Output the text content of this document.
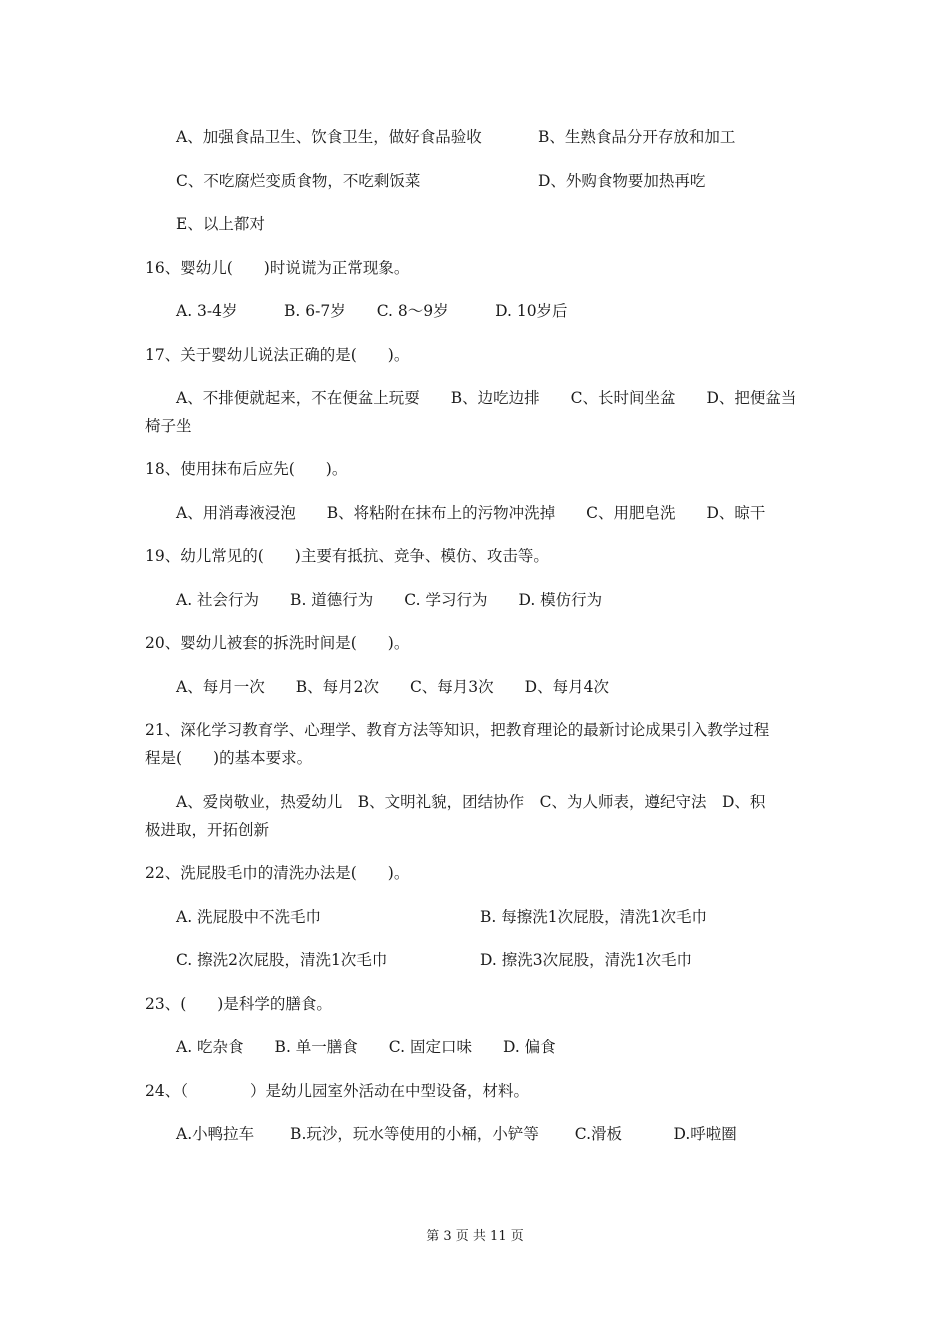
A、加强食品卫生、饮食卫生，做好食品验收	B、生熟食品分开存放和加工
C、不吃腐烂变质食物，不吃剩饭菜	D、外购食物要加热再吃
E、以上都对
16、婴幼儿(　　)时说谎为正常现象。
A. 3-4岁　　　B. 6-7岁　　C. 8～9岁　　　D. 10岁后
17、关于婴幼儿说法正确的是(　　)。
A、不排便就起来，不在便盆上玩耍　　B、边吃边排　　C、长时间坐盆　　D、把便盆当
椅子坐
18、使用抹布后应先(　　)。
A、用消毒液浸泡　　B、将粘附在抹布上的污物冲洗掉　　C、用肥皂洗　　D、晾干
19、幼儿常见的(　　)主要有抵抗、竞争、模仿、攻击等。
A. 社会行为　　B. 道德行为　　C. 学习行为　　D. 模仿行为
20、婴幼儿被套的拆洗时间是(　　)。
A、每月一次　　B、每月2次　　C、每月3次　　D、每月4次
21、深化学习教育学、心理学、教育方法等知识，把教育理论的最新讨论成果引入教学过程
程是(　　)的基本要求。
A、爱岗敬业，热爱幼儿　B、文明礼貌，团结协作　C、为人师表，遵纪守法　D、积
极进取，开拓创新
22、洗屁股毛巾的清洗办法是(　　)。
A. 洗屁股中不洗毛巾	B. 每擦洗1次屁股，清洗1次毛巾
C. 擦洗2次屁股，清洗1次毛巾	D. 擦洗3次屁股，清洗1次毛巾
23、(　　)是科学的膳食。
A. 吃杂食　　B. 单一膳食　　C. 固定口味　　D. 偏食
24、（　　　　）是幼儿园室外活动在中型设备，材料。
A.小鸭拉车　　 B.玩沙，玩水等使用的小桶，小铲等　　 C.滑板　　　 D.呼啦圈
第 3 页 共 11 页
